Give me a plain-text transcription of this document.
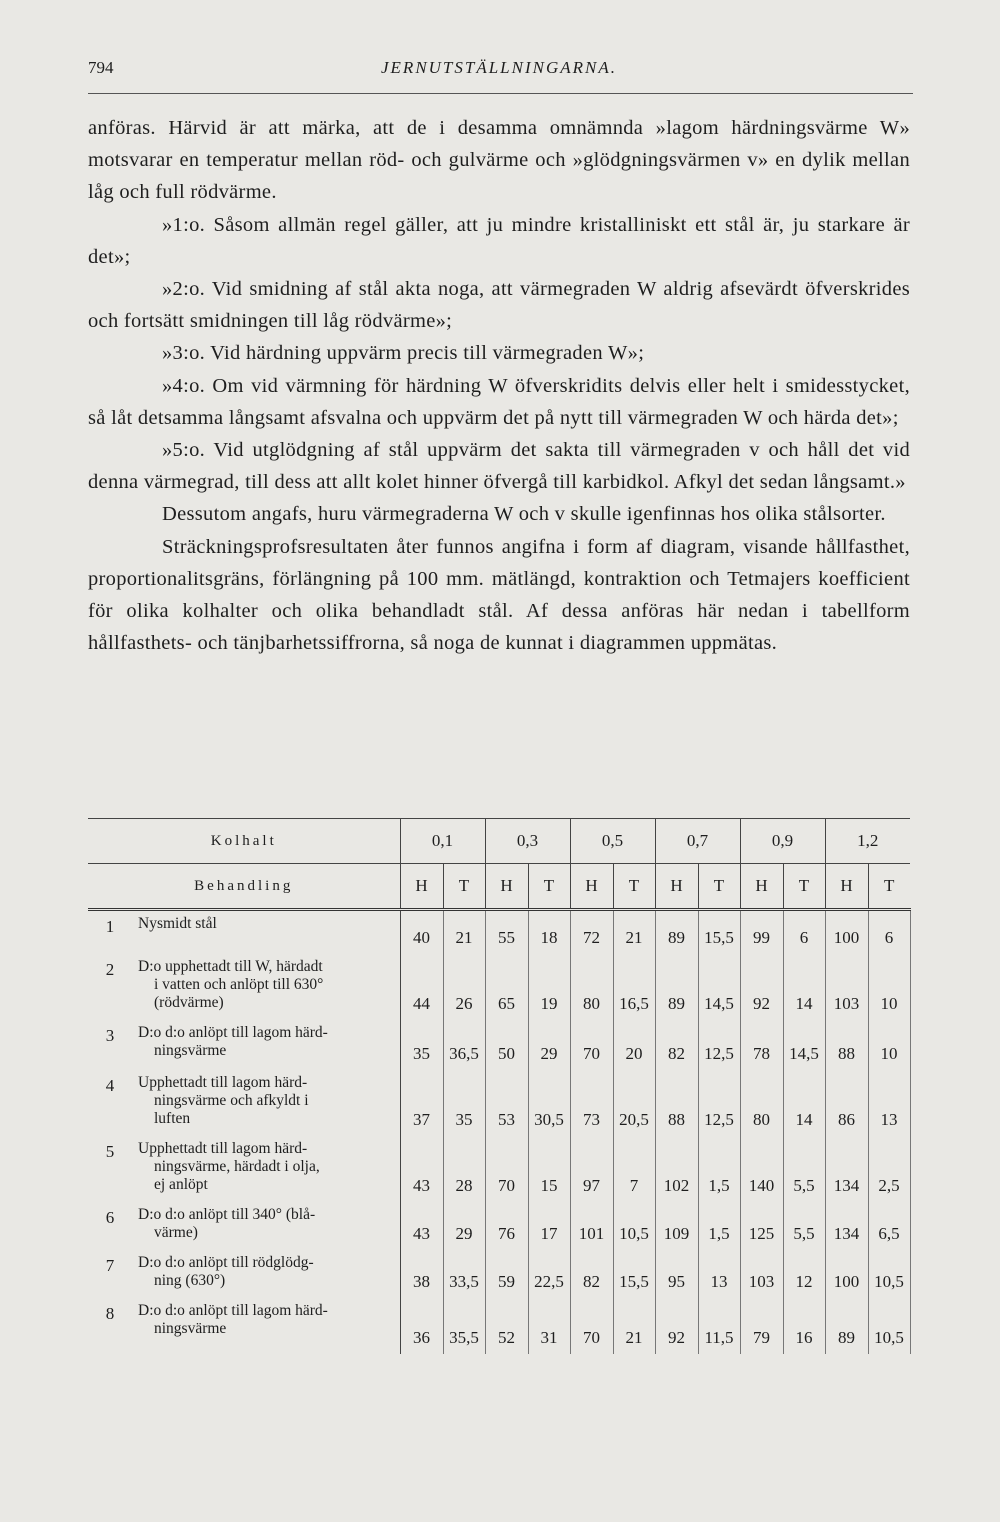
794	JERNUTSTÄLLNINGARNA.

anföras. Härvid är att märka, att de i desamma omnämnda »lagom härdningsvärme W» motsvarar en temperatur mellan röd- och gulvärme och »glödgningsvärmen v» en dylik mellan låg och full rödvärme.

»1:o. Såsom allmän regel gäller, att ju mindre kristalliniskt ett stål är, ju starkare är det»;

»2:o. Vid smidning af stål akta noga, att värmegraden W aldrig afsevärdt öfverskrides och fortsätt smidningen till låg rödvärme»;

»3:o. Vid härdning uppvärm precis till värmegraden W»;

»4:o. Om vid värmning för härdning W öfverskridits delvis eller helt i smidesstycket, så låt detsamma långsamt afsvalna och uppvärm det på nytt till värmegraden W och härda det»;

»5:o. Vid utglödgning af stål uppvärm det sakta till värmegraden v och håll det vid denna värmegrad, till dess att allt kolet hinner öfvergå till karbidkol. Afkyl det sedan långsamt.»

Dessutom angafs, huru värmegraderna W och v skulle igenfinnas hos olika stålsorter.

Sträckningsprofsresultaten åter funnos angifna i form af diagram, visande hållfasthet, proportionalitsgräns, förlängning på 100 mm. mätlängd, kontraktion och Tetmajers koefficient för olika kolhalter och olika behandladt stål. Af dessa anföras här nedan i tabellform hållfasthets- och tänjbarhetssiffrorna, så noga de kunnat i diagrammen uppmätas.

Kolhalt		0,1		0,3		0,5		0,7		0,9		1,2	
Behandling		H	T	H	T	H	T	H	T	H	T	H	T
1	Nysmidt stål	40	21	55	18	72	21	89	15,5	99	6	100	6
2	D:o upphettadt till W, härdadt
i vatten och anlöpt till 630°
(rödvärme)	44	26	65	19	80	16,5	89	14,5	92	14	103	10
3	D:o d:o anlöpt till lagom härd-
ningsvärme	35	36,5	50	29	70	20	82	12,5	78	14,5	88	10
4	Upphettadt till lagom härd-
ningsvärme och afkyldt i
luften	37	35	53	30,5	73	20,5	88	12,5	80	14	86	13
5	Upphettadt till lagom härd-
ningsvärme, härdadt i olja,
ej anlöpt	43	28	70	15	97	7	102	1,5	140	5,5	134	2,5
6	D:o d:o anlöpt till 340° (blå-
värme)	43	29	76	17	101	10,5	109	1,5	125	5,5	134	6,5
7	D:o d:o anlöpt till rödglödg-
ning (630°)	38	33,5	59	22,5	82	15,5	95	13	103	12	100	10,5
8	D:o d:o anlöpt till lagom härd-
ningsvärme	36	35,5	52	31	70	21	92	11,5	79	16	89	10,5
